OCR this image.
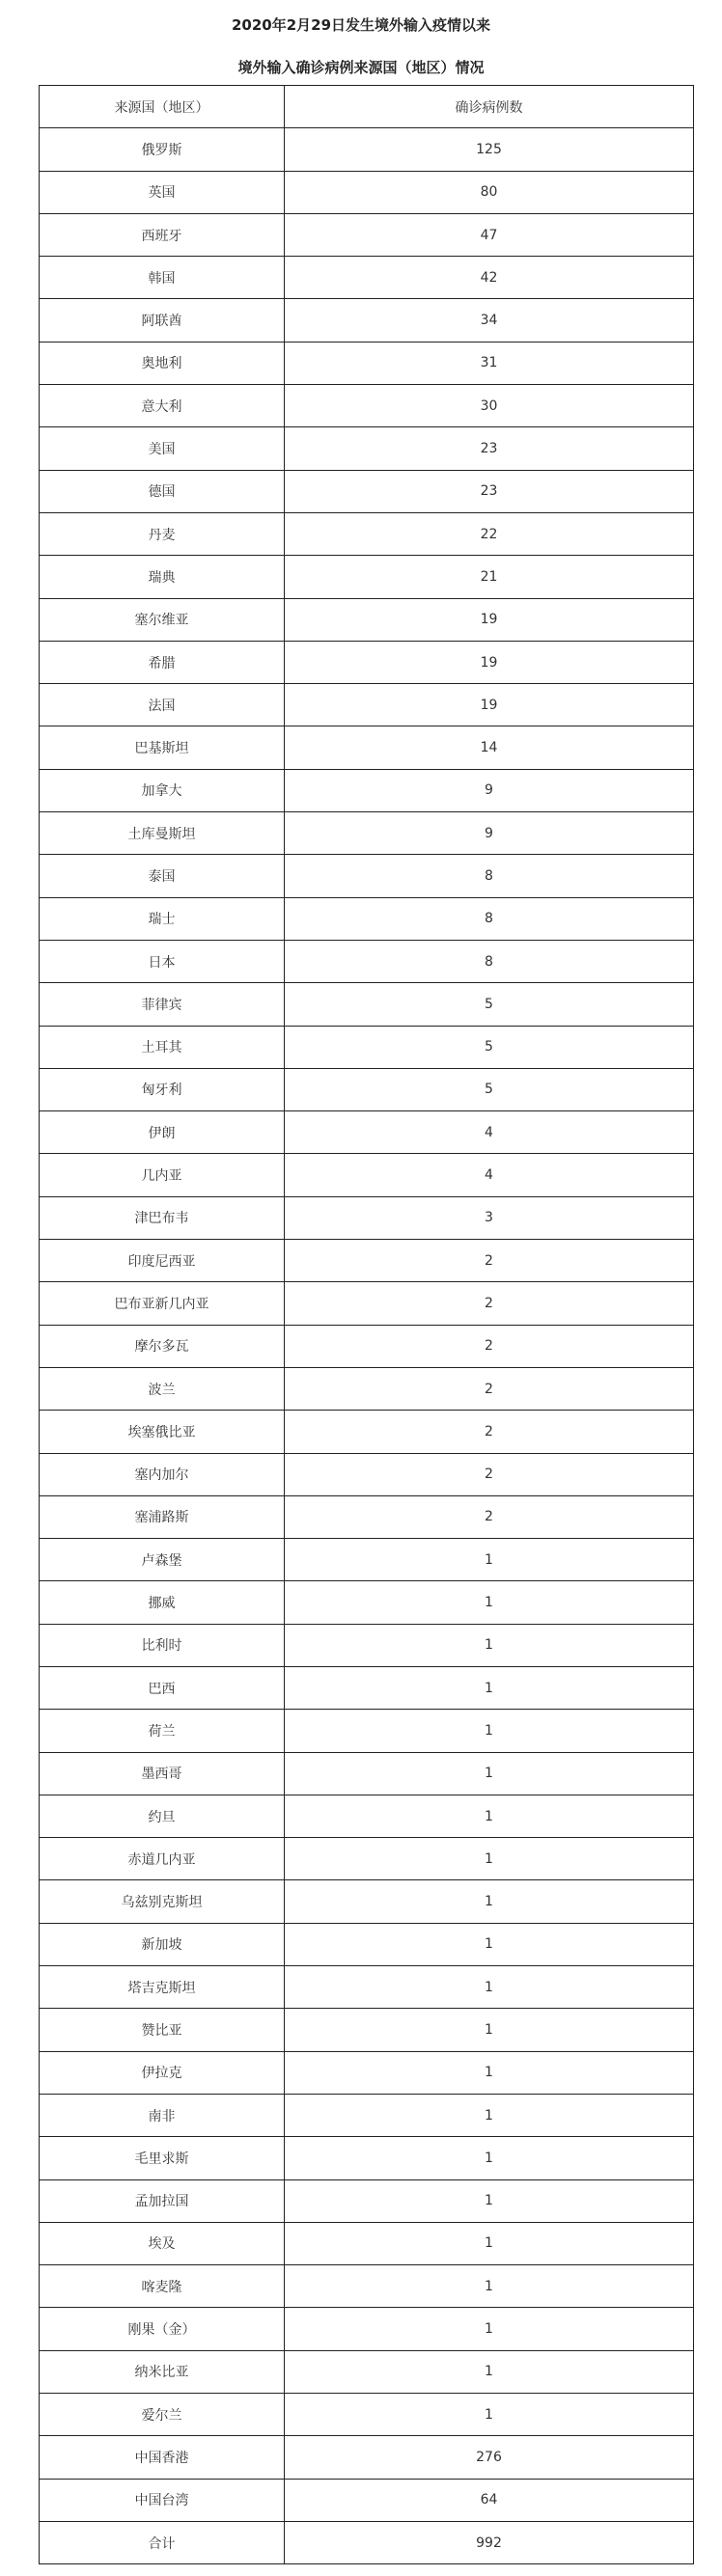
2020年2月29日发生境外输入疫情以来
境外输入确诊病例来源国（地区）情况
来源国（地区）	确诊病例数
俄罗斯	125
英国	80
西班牙	47
韩国	42
阿联酋	34
奥地利	31
意大利	30
美国	23
德国	23
丹麦	22
瑞典	21
塞尔维亚	19
希腊	19
法国	19
巴基斯坦	14
加拿大	9
土库曼斯坦	9
泰国	8
瑞士	8
日本	8
菲律宾	5
土耳其	5
匈牙利	5
伊朗	4
几内亚	4
津巴布韦	3
印度尼西亚	2
巴布亚新几内亚	2
摩尔多瓦	2
波兰	2
埃塞俄比亚	2
塞内加尔	2
塞浦路斯	2
卢森堡	1
挪威	1
比利时	1
巴西	1
荷兰	1
墨西哥	1
约旦	1
赤道几内亚	1
乌兹别克斯坦	1
新加坡	1
塔吉克斯坦	1
赞比亚	1
伊拉克	1
南非	1
毛里求斯	1
孟加拉国	1
埃及	1
喀麦隆	1
刚果（金）	1
纳米比亚	1
爱尔兰	1
中国香港	276
中国台湾	64
合计	992
